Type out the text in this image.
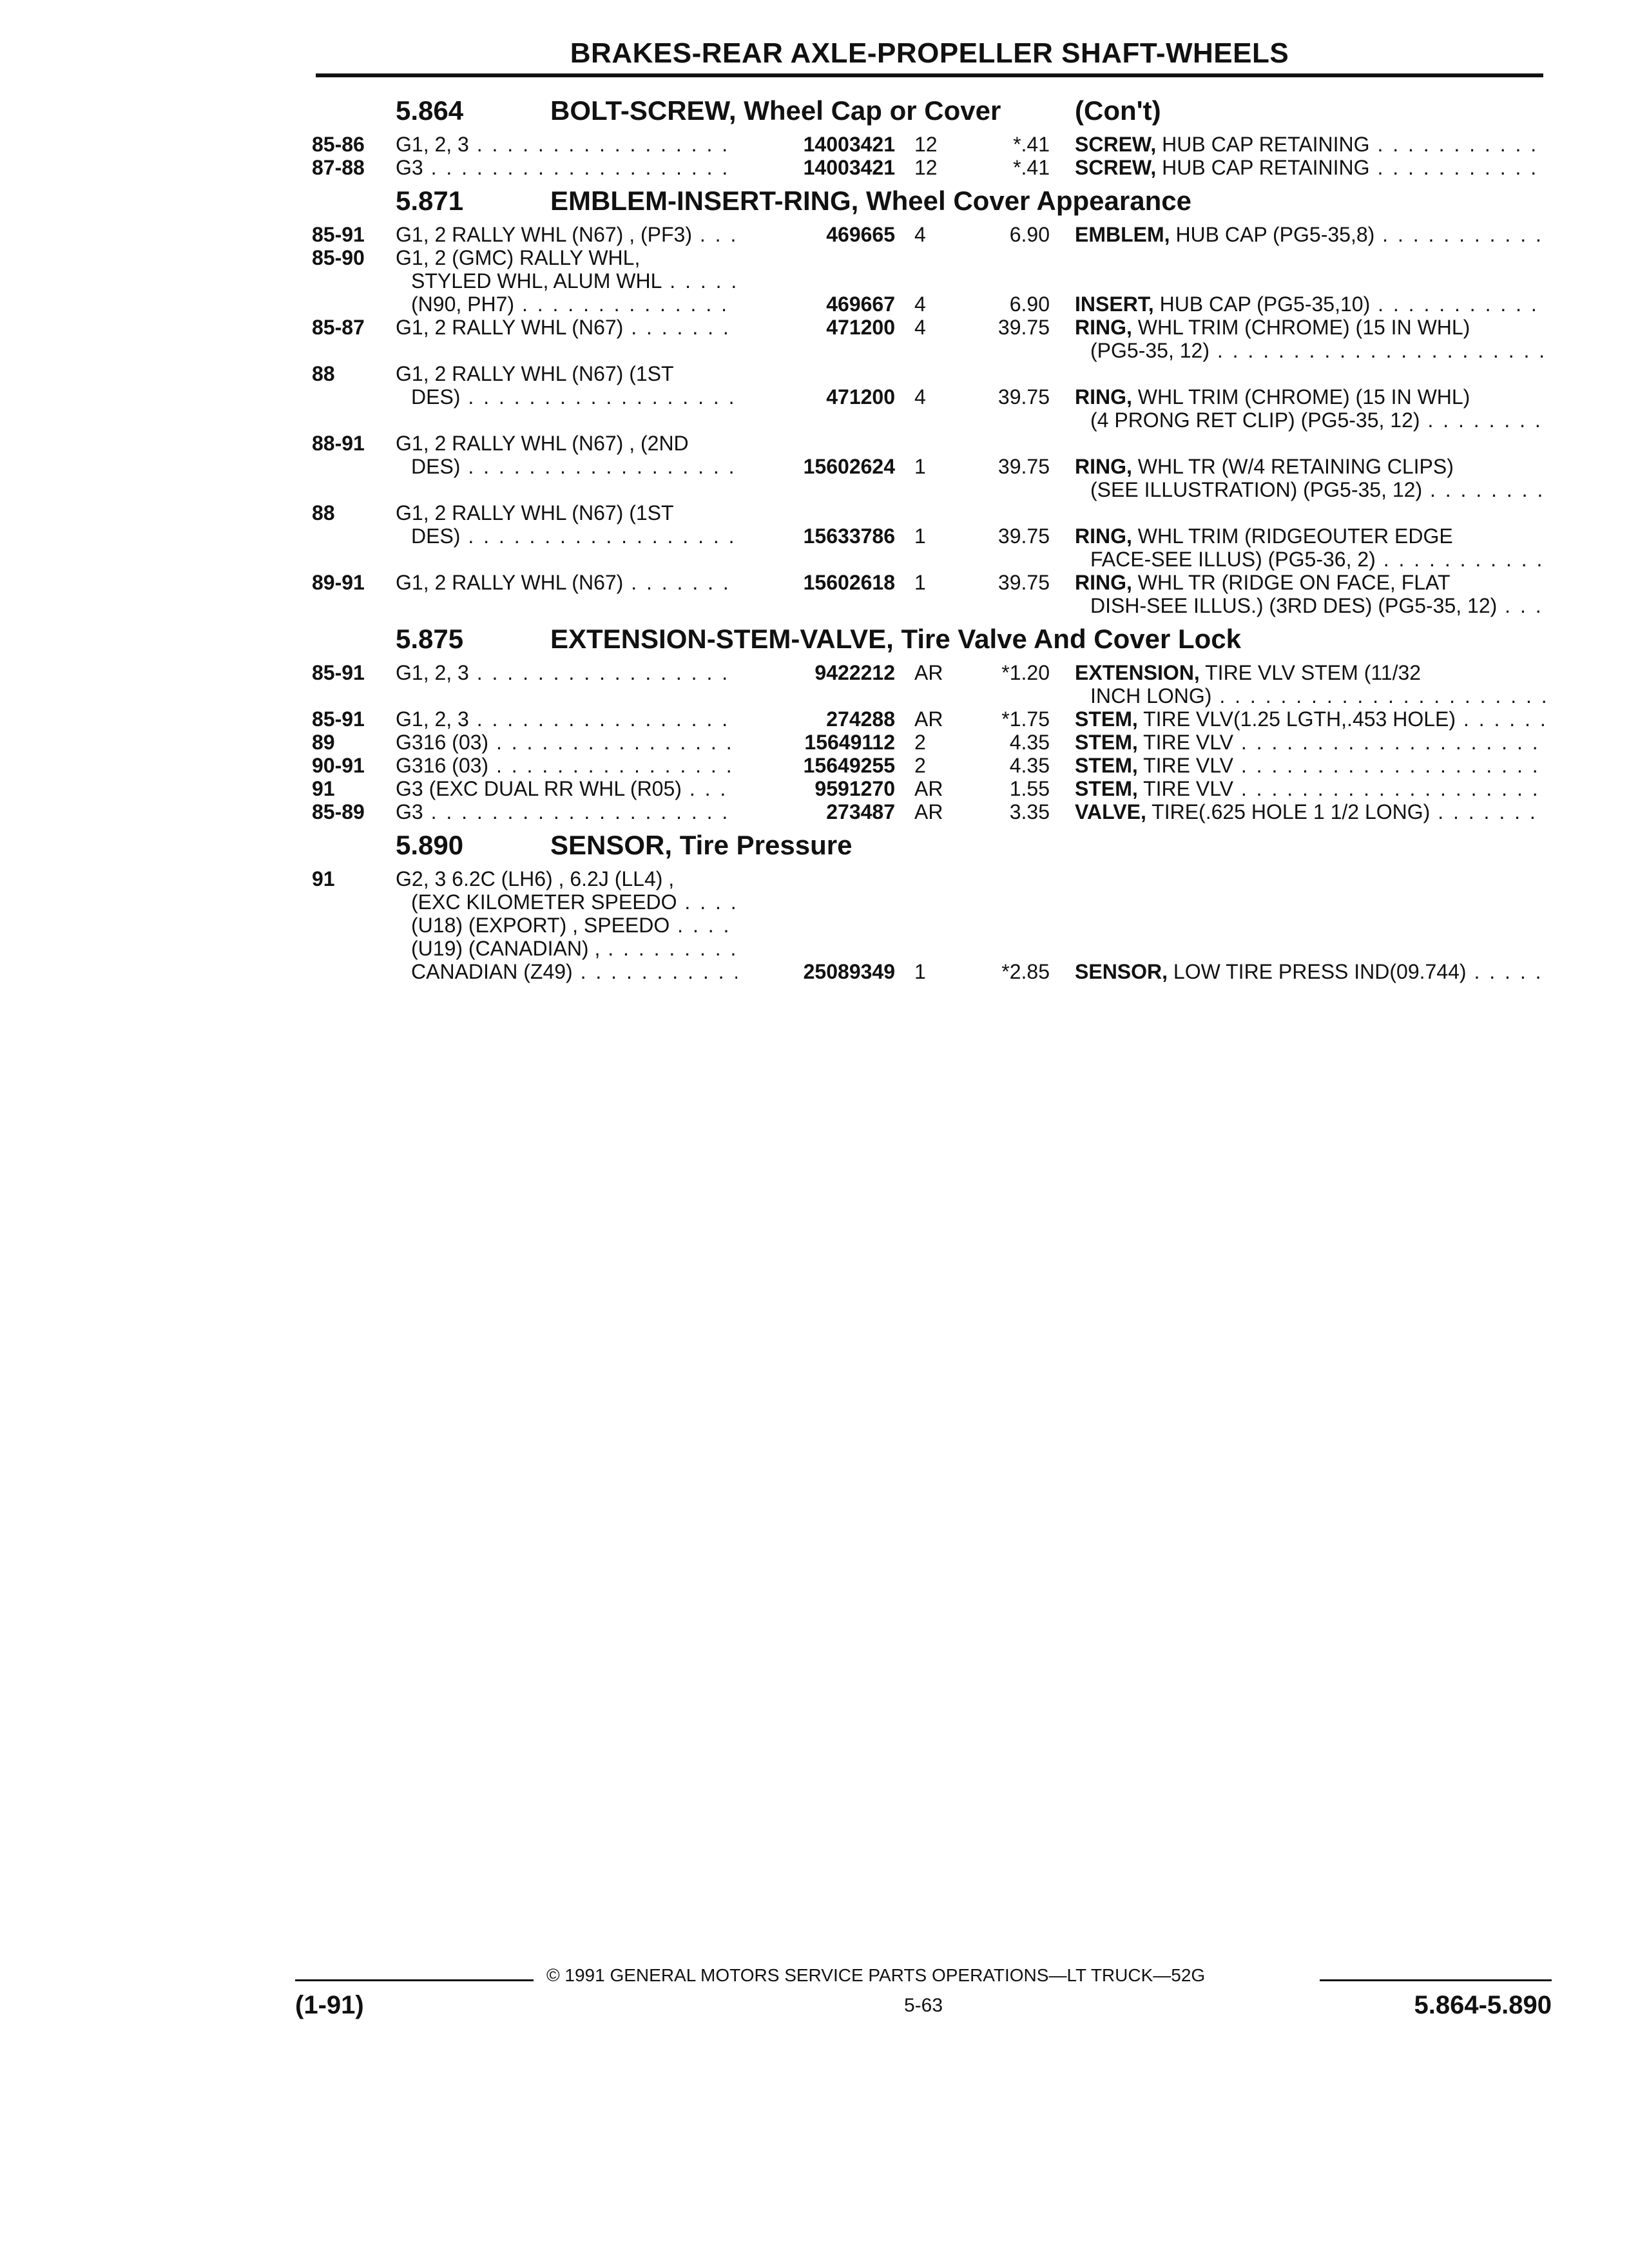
BRAKES-REAR AXLE-PROPELLER SHAFT-WHEELS
5.864	BOLT-SCREW, Wheel Cap or Cover	(Con't)
85-86	G1, 2, 3 . . .	14003421 12	*.41 SCREW, HUB CAP RETAINING . . .
87-88	G3 . . .	14003421 12	*.41 SCREW, HUB CAP RETAINING . . .
5.871	EMBLEM-INSERT-RING, Wheel Cover Appearance
85-91	G1, 2 RALLY WHL (N67) , (PF3) . . .	469665 4	6.90 EMBLEM, HUB CAP (PG5-35,8) . . .
85-90	G1, 2 (GMC) RALLY WHL,
STYLED WHL, ALUM WHL . . .
(N90, PH7) . . .	469667 4	6.90 INSERT, HUB CAP (PG5-35,10) . . .
85-87	G1, 2 RALLY WHL (N67) . . .	471200 4	39.75 RING, WHL TRIM (CHROME) (15 IN WHL)
(PG5-35, 12) . . .
88	G1, 2 RALLY WHL (N67) (1ST
DES) . . .	471200 4	39.75 RING, WHL TRIM (CHROME) (15 IN WHL)
(4 PRONG RET CLIP) (PG5-35, 12) . . .
88-91	G1, 2 RALLY WHL (N67) , (2ND
DES) . . .	15602624 1	39.75 RING, WHL TR (W/4 RETAINING CLIPS)
(SEE ILLUSTRATION) (PG5-35, 12) . . .
88	G1, 2 RALLY WHL (N67) (1ST
DES) . . .	15633786 1	39.75 RING, WHL TRIM (RIDGEOUTER EDGE
FACE-SEE ILLUS) (PG5-36, 2) . . .
89-91	G1, 2 RALLY WHL (N67) . . .	15602618 1	39.75 RING, WHL TR (RIDGE ON FACE, FLAT
DISH-SEE ILLUS.) (3RD DES) (PG5-35, 12) . . .
5.875	EXTENSION-STEM-VALVE, Tire Valve And Cover Lock
85-91	G1, 2, 3 . . .	9422212 AR	*1.20 EXTENSION, TIRE VLV STEM (11/32
INCH LONG) . . .
85-91	G1, 2, 3 . . .	274288 AR	*1.75 STEM, TIRE VLV(1.25 LGTH,.453 HOLE) . . .
89	G316 (03) . . .	15649112 2	4.35 STEM, TIRE VLV . . .
90-91	G316 (03) . . .	15649255 2	4.35 STEM, TIRE VLV . . .
91	G3 (EXC DUAL RR WHL (R05) . . .	9591270 AR	1.55 STEM, TIRE VLV . . .
85-89	G3 . . .	273487 AR	3.35 VALVE, TIRE(.625 HOLE 1 1/2 LONG) . . .
5.890	SENSOR, Tire Pressure
91	G2, 3 6.2C (LH6) , 6.2J (LL4) ,
(EXC KILOMETER SPEEDO . . .
(U18) (EXPORT) , SPEEDO . . .
(U19) (CANADIAN) , . . .
CANADIAN (Z49) . . .	25089349 1	*2.85 SENSOR, LOW TIRE PRESS IND(09.744) . . .
© 1991 GENERAL MOTORS SERVICE PARTS OPERATIONS—LT TRUCK—52G
(1-91)	5-63	5.864-5.890
